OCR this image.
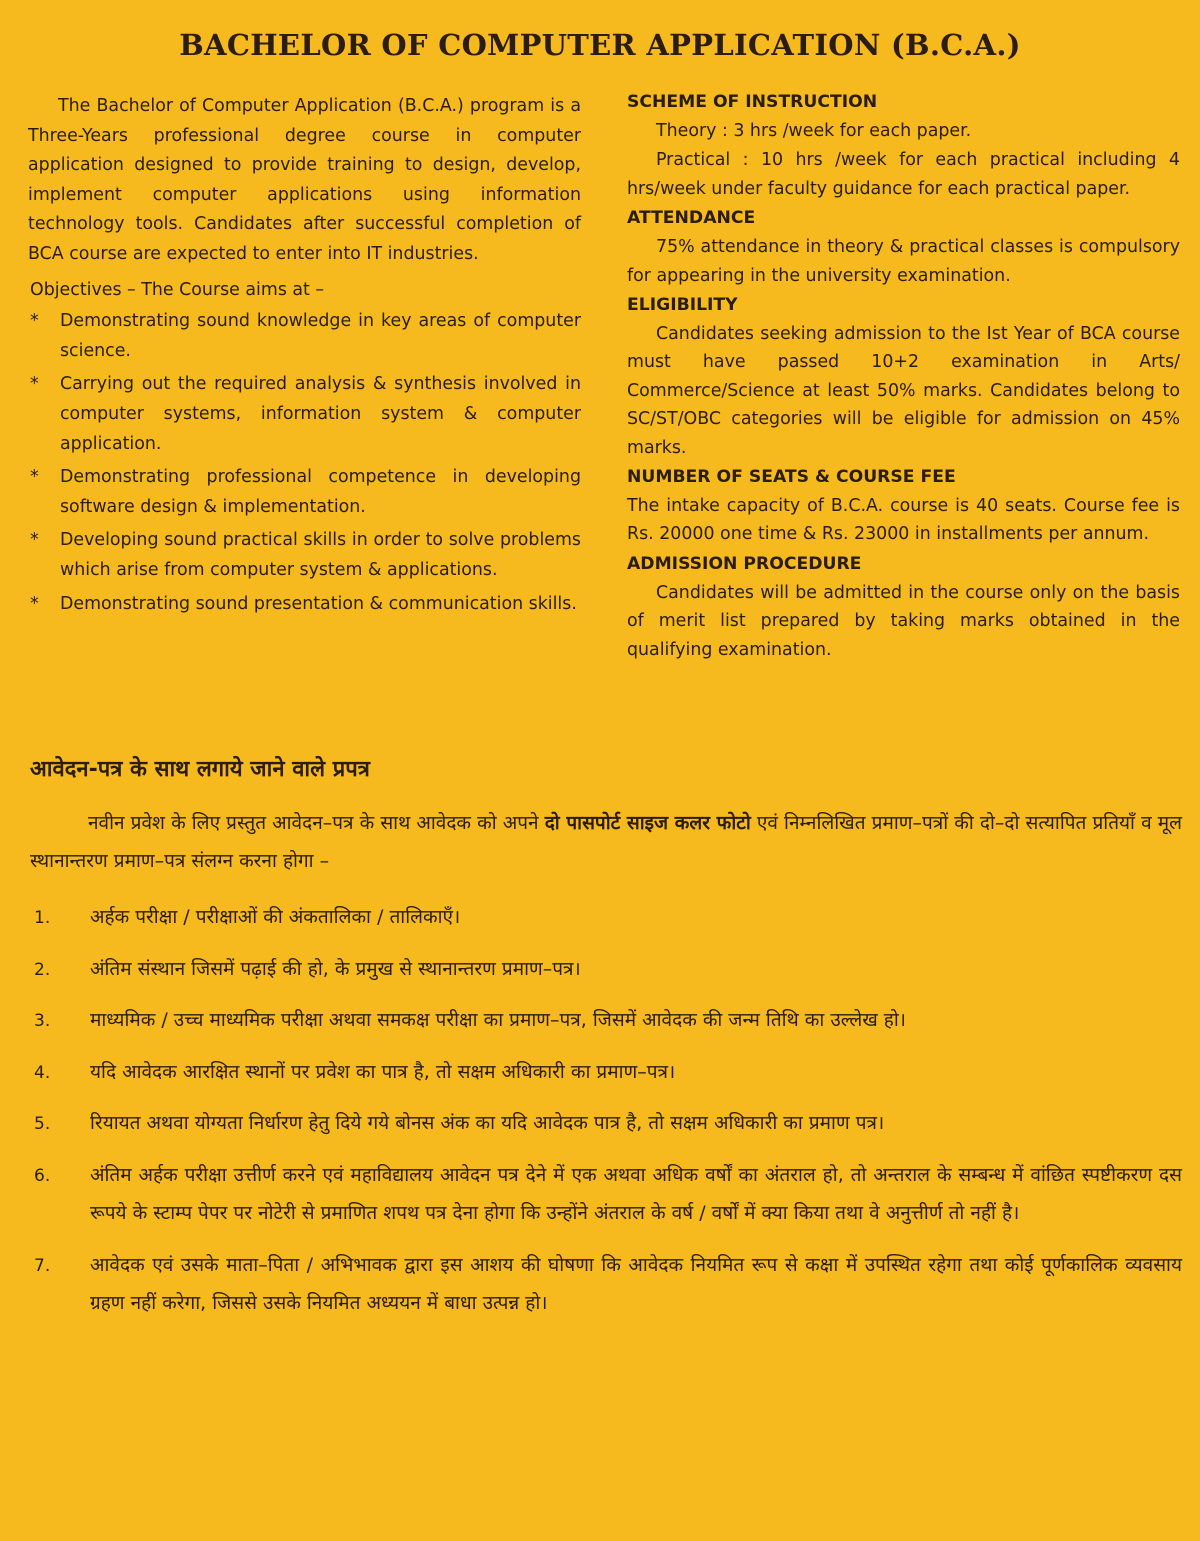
BACHELOR OF COMPUTER APPLICATION (B.C.A.)

The Bachelor of Computer Application (B.C.A.) program is a Three-Years professional degree course in computer application designed to provide training to design, develop, implement computer applications using information technology tools. Candidates after successful completion of BCA course are expected to enter into IT industries.

Objectives – The Course aims at –
* Demonstrating sound knowledge in key areas of computer science.
* Carrying out the required analysis & synthesis involved in computer systems, information system & computer application.
* Demonstrating professional competence in developing software design & implementation.
* Developing sound practical skills in order to solve problems which arise from computer system & applications.
* Demonstrating sound presentation & communication skills.
SCHEME OF INSTRUCTION

Theory : 3 hrs /week for each paper.

Practical : 10 hrs /week for each practical including 4 hrs/week under faculty guidance for each practical paper.

ATTENDANCE

75% attendance in theory & practical classes is compulsory for appearing in the university examination.

ELIGIBILITY

Candidates seeking admission to the Ist Year of BCA course must have passed 10+2 examination in Arts/ Commerce/Science at least 50% marks. Candidates belong to SC/ST/OBC categories will be eligible for admission on 45% marks.

NUMBER OF SEATS & COURSE FEE

The intake capacity of B.C.A. course is 40 seats. Course fee is Rs. 20000 one time & Rs. 23000 in installments per annum.

ADMISSION PROCEDURE

Candidates will be admitted in the course only on the basis of merit list prepared by taking marks obtained in the qualifying examination.

आवेदन-पत्र के साथ लगाये जाने वाले प्रपत्र

नवीन प्रवेश के लिए प्रस्तुत आवेदन–पत्र के साथ आवेदक को अपने दो पासपोर्ट साइज कलर फोटो एवं निम्नलिखित प्रमाण–पत्रों की दो–दो सत्यापित प्रतियाँ व मूल स्थानान्तरण प्रमाण–पत्र संलग्न करना होगा –

1. अर्हक परीक्षा / परीक्षाओं की अंकतालिका / तालिकाएँ।
2. अंतिम संस्थान जिसमें पढ़ाई की हो, के प्रमुख से स्थानान्तरण प्रमाण–पत्र।
3. माध्यमिक / उच्च माध्यमिक परीक्षा अथवा समकक्ष परीक्षा का प्रमाण–पत्र, जिसमें आवेदक की जन्म तिथि का उल्लेख हो।
4. यदि आवेदक आरक्षित स्थानों पर प्रवेश का पात्र है, तो सक्षम अधिकारी का प्रमाण–पत्र।
5. रियायत अथवा योग्यता निर्धारण हेतु दिये गये बोनस अंक का यदि आवेदक पात्र है, तो सक्षम अधिकारी का प्रमाण पत्र।
6. अंतिम अर्हक परीक्षा उत्तीर्ण करने एवं महाविद्यालय आवेदन पत्र देने में एक अथवा अधिक वर्षों का अंतराल हो, तो अन्तराल के सम्बन्ध में वांछित स्पष्टीकरण दस रूपये के स्टाम्प पेपर पर नोटेरी से प्रमाणित शपथ पत्र देना होगा कि उन्होंने अंतराल के वर्ष / वर्षों में क्या किया तथा वे अनुत्तीर्ण तो नहीं है।
7. आवेदक एवं उसके माता–पिता / अभिभावक द्वारा इस आशय की घोषणा कि आवेदक नियमित रूप से कक्षा में उपस्थित रहेगा तथा कोई पूर्णकालिक व्यवसाय ग्रहण नहीं करेगा, जिससे उसके नियमित अध्ययन में बाधा उत्पन्न हो।
